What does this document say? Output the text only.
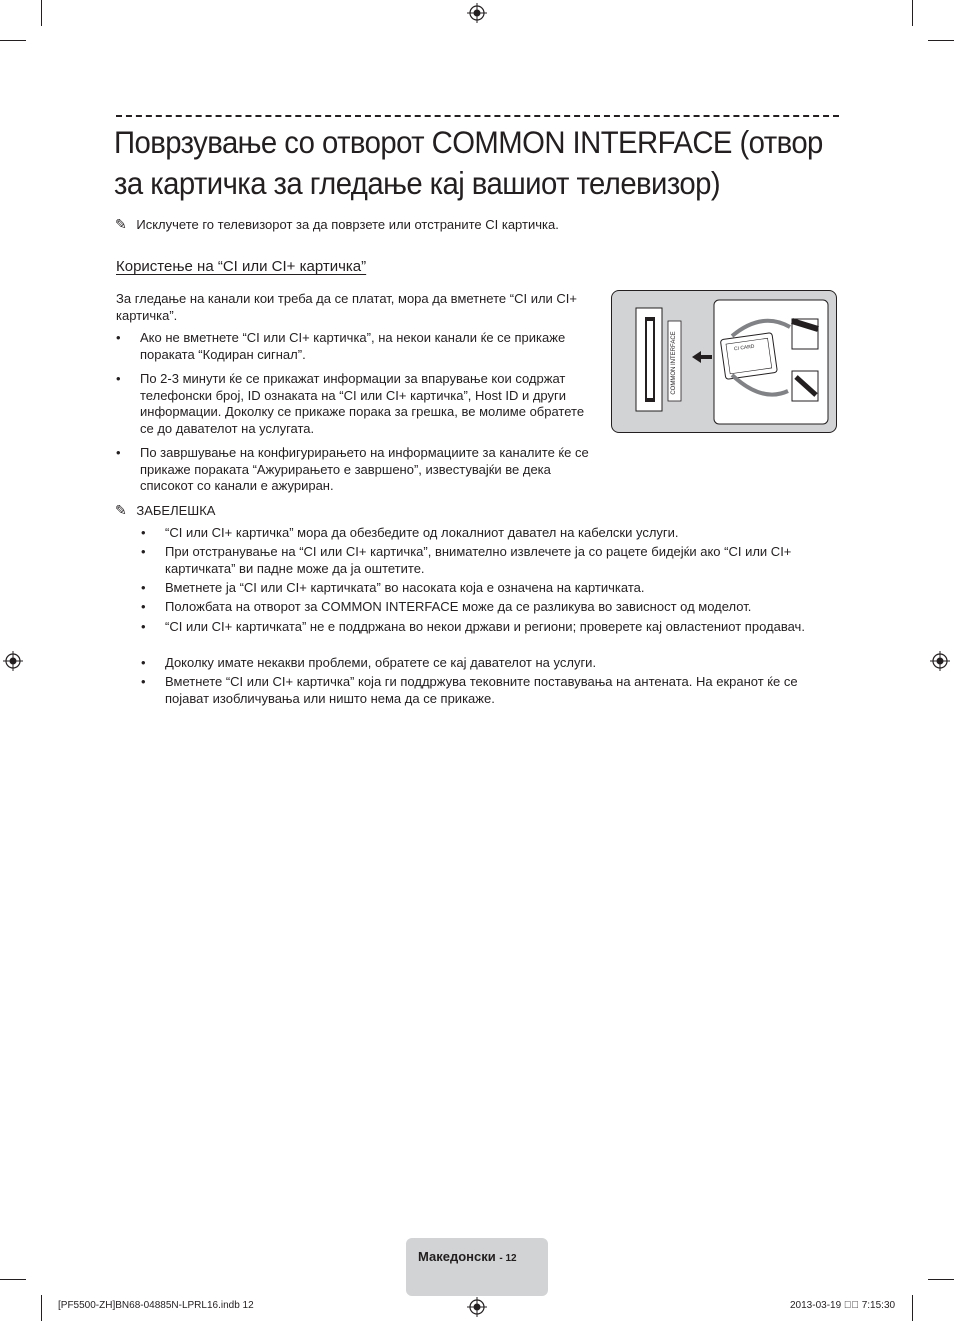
Поврзување со отворот COMMON INTERFACE (отвор
за картичка за гледање кај вашиот телевизор)
✎ Исклучете го телевизорот за да поврзете или отстраните CI картичка.
Користење на “CI или CI+ картичка”
За гледање на канали кои треба да се платат, мора да вметнете “CI или CI+ картичка”.
• Ако не вметнете “CI или CI+ картичка”, на некои канали ќе се прикаже пораката “Кодиран сигнал”.
• По 2-3 минути ќе се прикажат информации за впарување кои содржат телефонски број, ID ознаката на “CI или CI+ картичка”, Host ID и други информации. Доколку се прикаже порака за грешка, ве молиме обратете се до давателот на услугата.
• По завршување на конфигурирањето на информациите за каналите ќе се прикаже пораката “Ажурирањето е завршено”, известувајќи ве дека списокот со канали е ажуриран.
COMMON INTERFACE	CI CARD
✎ ЗАБЕЛЕШКА
• “CI или CI+ картичка” мора да обезбедите од локалниот давател на кабелски услуги.
• При отстранување на “CI или CI+ картичка”, внимателно извлечете ја со рацете бидејќи ако “CI или CI+ картичката” ви падне може да ја оштетите.
• Вметнете ја “CI или CI+ картичката” во насоката која е означена на картичката.
• Положбата на отворот за COMMON INTERFACE може да се разликува во зависност од моделот.
• “CI или CI+ картичката” не е поддржана во некои држави и региони; проверете кај овластениот продавач.
• Доколку имате некакви проблеми, обратете се кај давателот на услуги.
• Вметнете “CI или CI+ картичка” која ги поддржува тековните поставувања на антената. На екранот ќе се појават изобличувања или ништо нема да се прикаже.
Македонски - 12
[PF5500-ZH]BN68-04885N-LPRL16.indb 12	2013-03-19 ￿￿ 7:15:30
